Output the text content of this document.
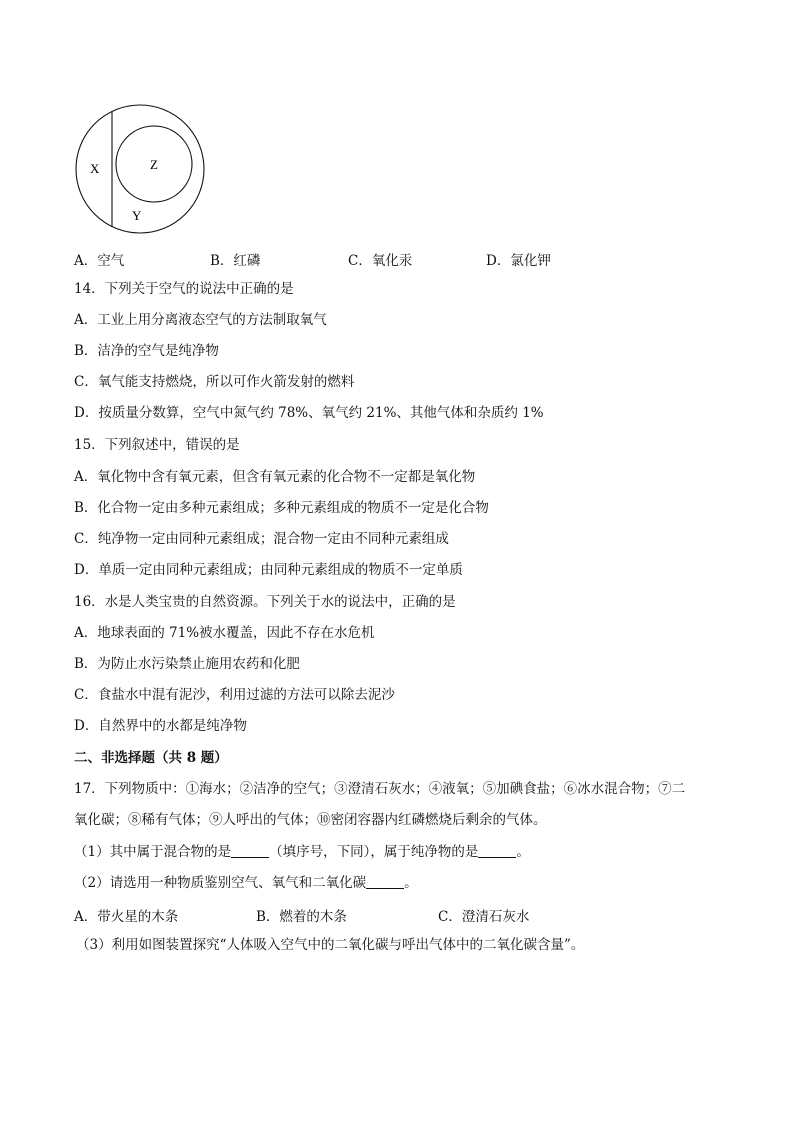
X	Z
Y
A．空气	B．红磷	C．氧化汞	D．氯化钾
14．下列关于空气的说法中正确的是
A．工业上用分离液态空气的方法制取氧气
B．洁净的空气是纯净物
C．氧气能支持燃烧，所以可作火箭发射的燃料
D．按质量分数算，空气中氮气约 78%、氧气约 21%、其他气体和杂质约 1%
15．下列叙述中，错误的是
A．氧化物中含有氧元素，但含有氧元素的化合物不一定都是氧化物
B．化合物一定由多种元素组成；多种元素组成的物质不一定是化合物
C．纯净物一定由同种元素组成；混合物一定由不同种元素组成
D．单质一定由同种元素组成；由同种元素组成的物质不一定单质
16．水是人类宝贵的自然资源。下列关于水的说法中，正确的是
A．地球表面的 71%被水覆盖，因此不存在水危机
B．为防止水污染禁止施用农药和化肥
C．食盐水中混有泥沙，利用过滤的方法可以除去泥沙
D．自然界中的水都是纯净物
二、非选择题（共 8 题）
17．下列物质中：①海水；②洁净的空气；③澄清石灰水；④液氧；⑤加碘食盐；⑥冰水混合物；⑦二
氧化碳；⑧稀有气体；⑨人呼出的气体；⑩密闭容器内红磷燃烧后剩余的气体。
（1）其中属于混合物的是	（填序号，下同），属于纯净物的是	。
（2）请选用一种物质鉴别空气、氧气和二氧化碳	。
A．带火星的木条	B．燃着的木条	C．澄清石灰水
（3）利用如图装置探究“人体吸入空气中的二氧化碳与呼出气体中的二氧化碳含量”。
